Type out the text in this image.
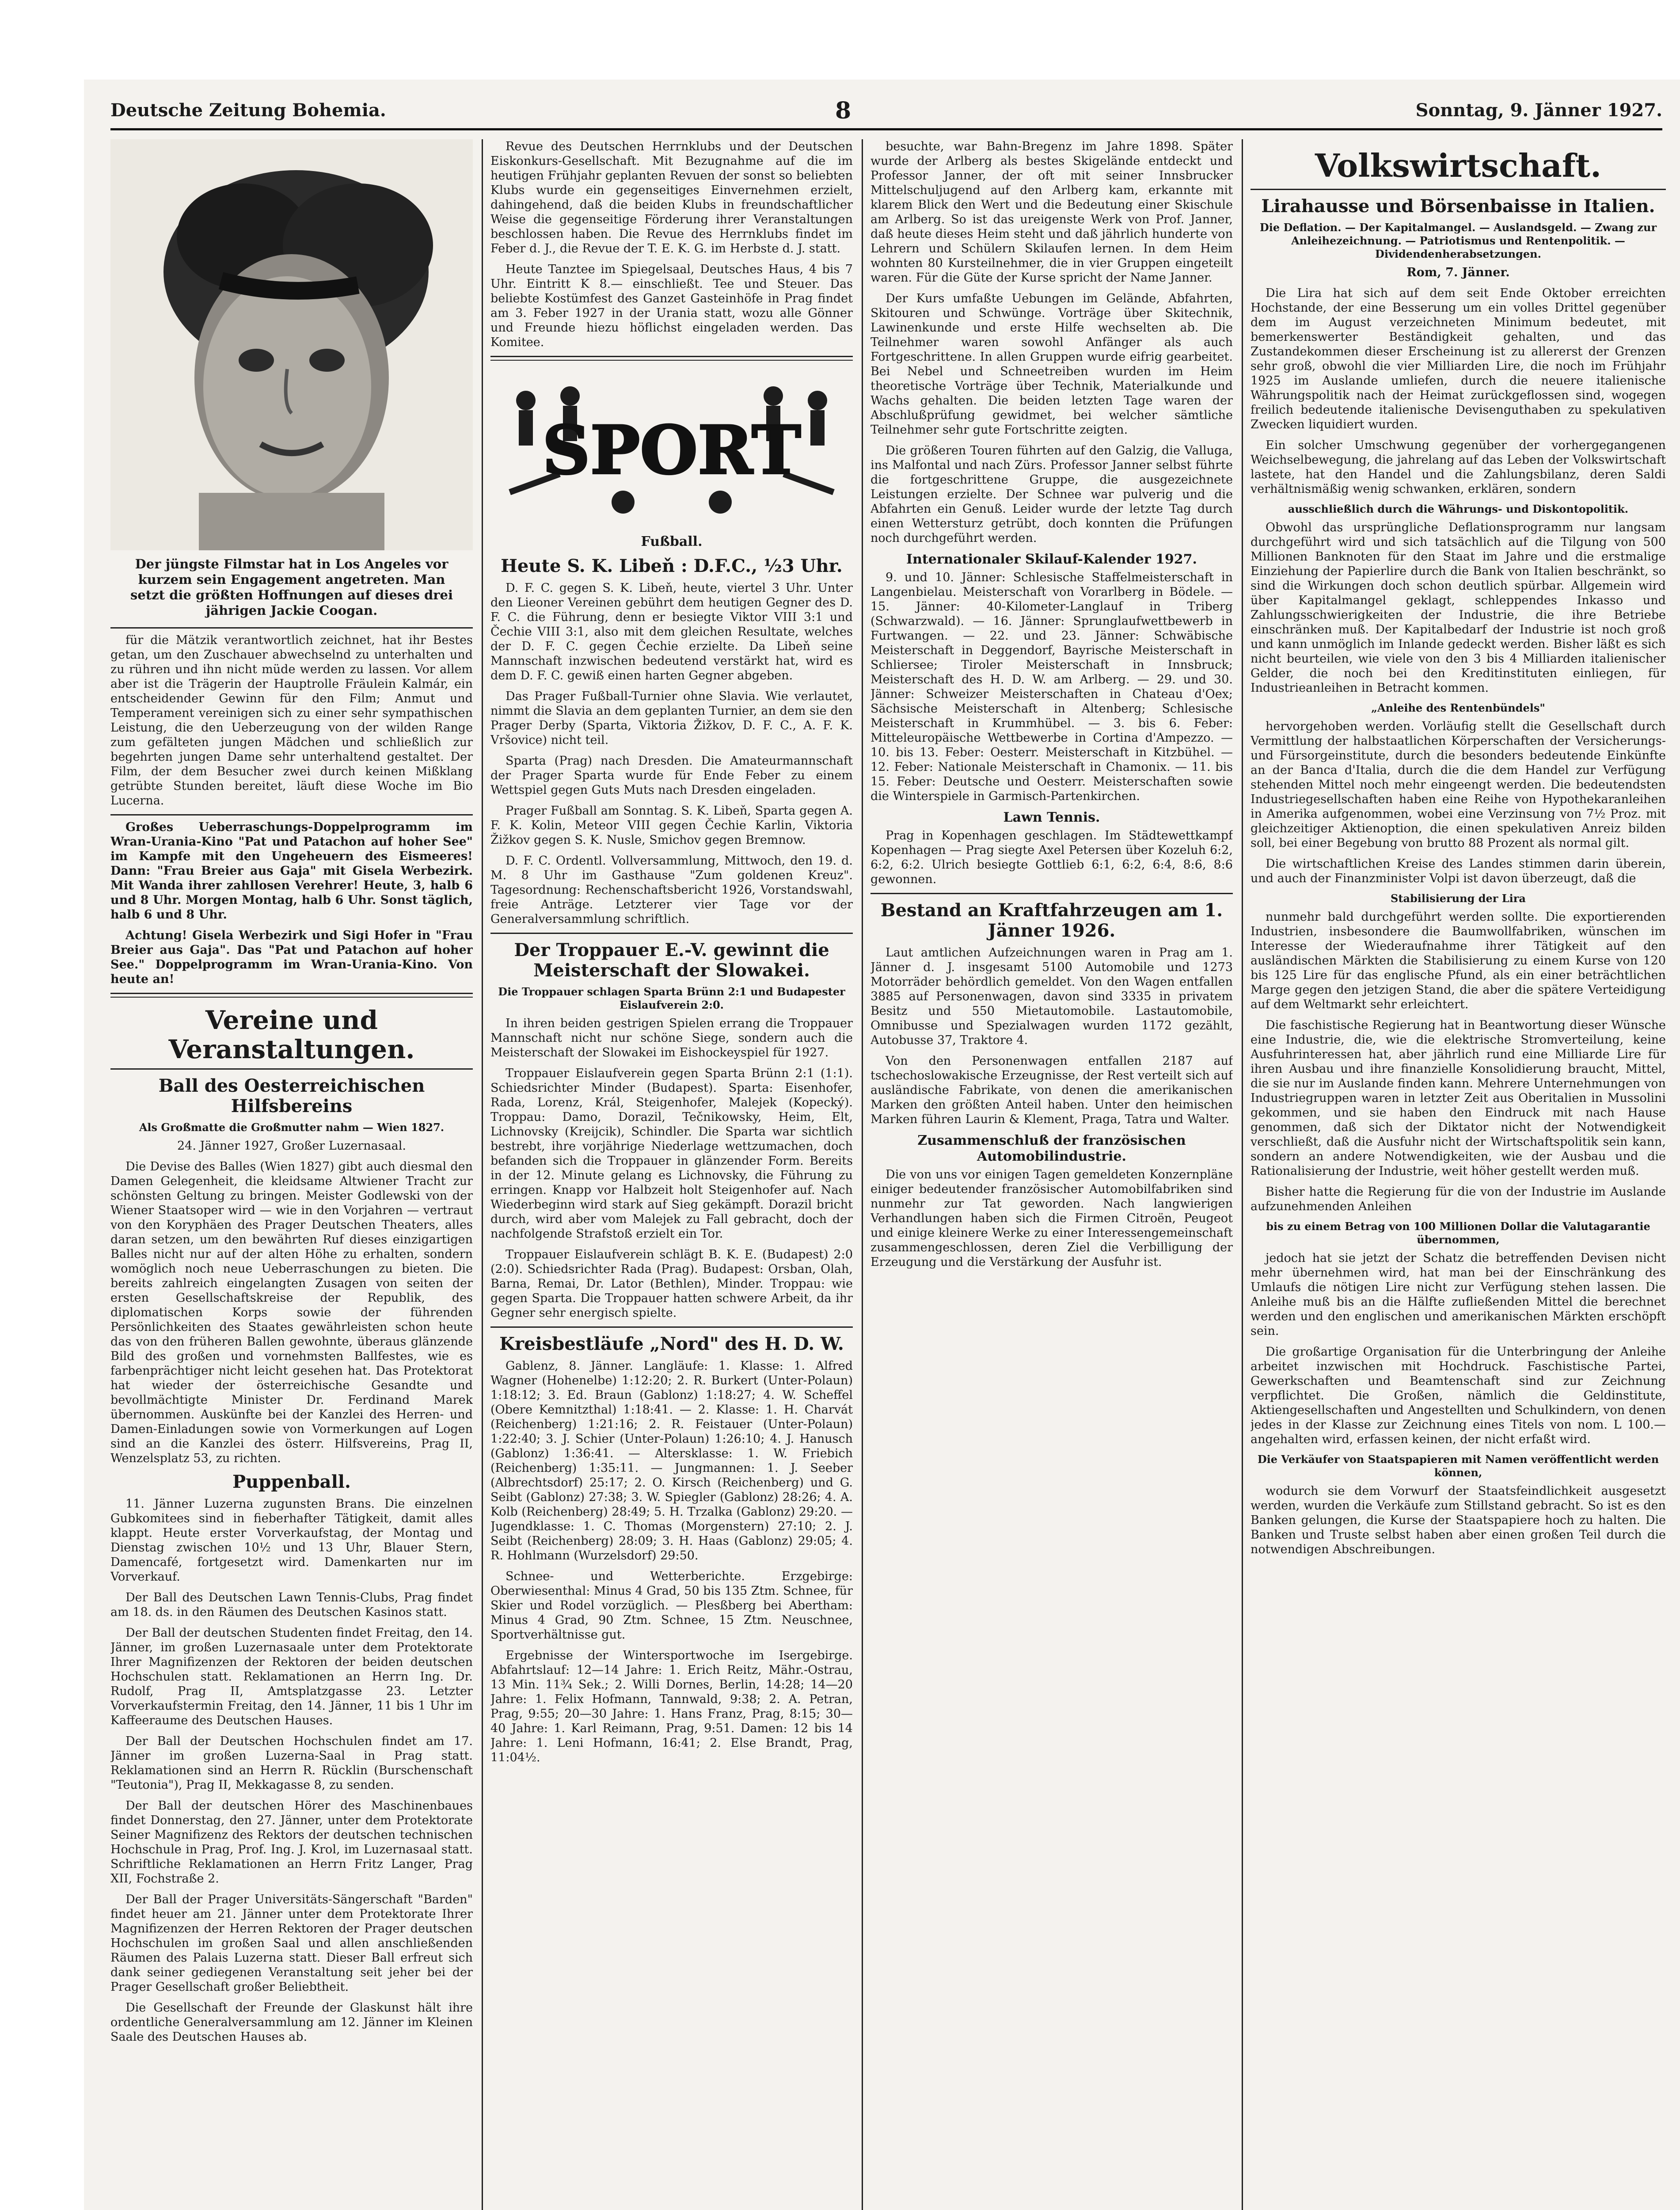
Deutsche Zeitung Bohemia.	8	Sonntag, 9. Jänner 1927.
Der jüngste Filmstar hat in Los Angeles vor kurzem sein Engagement angetreten. Man setzt die größten Hoffnungen auf dieses drei jährigen Jackie Coogan.

für die Mätzik verantwortlich zeichnet, hat ihr Bestes getan, um den Zuschauer abwechselnd zu unterhalten und zu rühren und ihn nicht müde werden zu lassen. Vor allem aber ist die Trägerin der Hauptrolle Fräulein Kalmár, ein entscheidender Gewinn für den Film; Anmut und Temperament vereinigen sich zu einer sehr sympathischen Leistung, die den Ueberzeugung von der wilden Range zum gefälteten jungen Mädchen und schließlich zur begehrten jungen Dame sehr unterhaltend gestaltet. Der Film, der dem Besucher zwei durch keinen Mißklang getrübte Stunden bereitet, läuft diese Woche im Bio Lucerna.

Großes Ueberraschungs-Doppelprogramm im Wran-Urania-Kino "Pat und Patachon auf hoher See" im Kampfe mit den Ungeheuern des Eismeeres! Dann: "Frau Breier aus Gaja" mit Gisela Werbezirk. Mit Wanda ihrer zahllosen Verehrer! Heute, 3, halb 6 und 8 Uhr. Morgen Montag, halb 6 Uhr. Sonst täglich, halb 6 und 8 Uhr.

Achtung! Gisela Werbezirk und Sigi Hofer in "Frau Breier aus Gaja". Das "Pat und Patachon auf hoher See." Doppelprogramm im Wran-Urania-Kino. Von heute an!

Vereine und Veranstaltungen.
Ball des Oesterreichischen Hilfsbereins
Als Großmatte die Großmutter nahm — Wien 1827.

24. Jänner 1927, Großer Luzernasaal.

Die Devise des Balles (Wien 1827) gibt auch diesmal den Damen Gelegenheit, die kleidsame Altwiener Tracht zur schönsten Geltung zu bringen. Meister Godlewski von der Wiener Staatsoper wird — wie in den Vorjahren — vertraut von den Koryphäen des Prager Deutschen Theaters, alles daran setzen, um den bewährten Ruf dieses einzigartigen Balles nicht nur auf der alten Höhe zu erhalten, sondern womöglich noch neue Ueberraschungen zu bieten. Die bereits zahlreich eingelangten Zusagen von seiten der ersten Gesellschaftskreise der Republik, des diplomatischen Korps sowie der führenden Persönlichkeiten des Staates gewährleisten schon heute das von den früheren Ballen gewohnte, überaus glänzende Bild des großen und vornehmsten Ballfestes, wie es farbenprächtiger nicht leicht gesehen hat. Das Protektorat hat wieder der österreichische Gesandte und bevollmächtigte Minister Dr. Ferdinand Marek übernommen. Auskünfte bei der Kanzlei des Herren- und Damen-Einladungen sowie von Vormerkungen auf Logen sind an die Kanzlei des österr. Hilfsvereins, Prag II, Wenzelsplatz 53, zu richten.

Puppenball.

11. Jänner Luzerna zugunsten Brans. Die einzelnen Gubkomitees sind in fieberhafter Tätigkeit, damit alles klappt. Heute erster Vorverkaufstag, der Montag und Dienstag zwischen 10½ und 13 Uhr, Blauer Stern, Damencafé, fortgesetzt wird. Damenkarten nur im Vorverkauf.

Der Ball des Deutschen Lawn Tennis-Clubs, Prag findet am 18. ds. in den Räumen des Deutschen Kasinos statt.

Der Ball der deutschen Studenten findet Freitag, den 14. Jänner, im großen Luzernasaale unter dem Protektorate Ihrer Magnifizenzen der Rektoren der beiden deutschen Hochschulen statt. Reklamationen an Herrn Ing. Dr. Rudolf, Prag II, Amtsplatzgasse 23. Letzter Vorverkaufstermin Freitag, den 14. Jänner, 11 bis 1 Uhr im Kaffeeraume des Deutschen Hauses.

Der Ball der Deutschen Hochschulen findet am 17. Jänner im großen Luzerna-Saal in Prag statt. Reklamationen sind an Herrn R. Rücklin (Burschenschaft "Teutonia"), Prag II, Mekkagasse 8, zu senden.

Der Ball der deutschen Hörer des Maschinenbaues findet Donnerstag, den 27. Jänner, unter dem Protektorate Seiner Magnifizenz des Rektors der deutschen technischen Hochschule in Prag, Prof. Ing. J. Krol, im Luzernasaal statt. Schriftliche Reklamationen an Herrn Fritz Langer, Prag XII, Fochstraße 2.

Der Ball der Prager Universitäts-Sängerschaft "Barden" findet heuer am 21. Jänner unter dem Protektorate Ihrer Magnifizenzen der Herren Rektoren der Prager deutschen Hochschulen im großen Saal und allen anschließenden Räumen des Palais Luzerna statt. Dieser Ball erfreut sich dank seiner gediegenen Veranstaltung seit jeher bei der Prager Gesellschaft großer Beliebtheit.

Die Gesellschaft der Freunde der Glaskunst hält ihre ordentliche Generalversammlung am 12. Jänner im Kleinen Saale des Deutschen Hauses ab.

Revue des Deutschen Herrnklubs und der Deutschen Eiskonkurs-Gesellschaft. Mit Bezugnahme auf die im heutigen Frühjahr geplanten Revuen der sonst so beliebten Klubs wurde ein gegenseitiges Einvernehmen erzielt, dahingehend, daß die beiden Klubs in freundschaftlicher Weise die gegenseitige Förderung ihrer Veranstaltungen beschlossen haben. Die Revue des Herrnklubs findet im Feber d. J., die Revue der T. E. K. G. im Herbste d. J. statt.

Heute Tanztee im Spiegelsaal, Deutsches Haus, 4 bis 7 Uhr. Eintritt K 8.— einschließt. Tee und Steuer. Das beliebte Kostümfest des Ganzet Gasteinhöfe in Prag findet am 3. Feber 1927 in der Urania statt, wozu alle Gönner und Freunde hiezu höflichst eingeladen werden. Das Komitee.

SPORT
Fußball.
Heute S. K. Libeň : D.F.C., ½3 Uhr.

D. F. C. gegen S. K. Libeň, heute, viertel 3 Uhr. Unter den Lieoner Vereinen gebührt dem heutigen Gegner des D. F. C. die Führung, denn er besiegte Viktor VIII 3:1 und Čechie VIII 3:1, also mit dem gleichen Resultate, welches der D. F. C. gegen Čechie erzielte. Da Libeň seine Mannschaft inzwischen bedeutend verstärkt hat, wird es dem D. F. C. gewiß einen harten Gegner abgeben.

Das Prager Fußball-Turnier ohne Slavia. Wie verlautet, nimmt die Slavia an dem geplanten Turnier, an dem sie den Prager Derby (Sparta, Viktoria Žižkov, D. F. C., A. F. K. Vršovice) nicht teil.

Sparta (Prag) nach Dresden. Die Amateurmannschaft der Prager Sparta wurde für Ende Feber zu einem Wettspiel gegen Guts Muts nach Dresden eingeladen.

Prager Fußball am Sonntag. S. K. Libeň, Sparta gegen A. F. K. Kolin, Meteor VIII gegen Čechie Karlin, Viktoria Žižkov gegen S. K. Nusle, Smichov gegen Bremnow.

D. F. C. Ordentl. Vollversammlung, Mittwoch, den 19. d. M. 8 Uhr im Gasthause "Zum goldenen Kreuz". Tagesordnung: Rechenschaftsbericht 1926, Vorstandswahl, freie Anträge. Letzterer vier Tage vor der Generalversammlung schriftlich.

Der Troppauer E.-V. gewinnt die Meisterschaft der Slowakei.
Die Troppauer schlagen Sparta Brünn 2:1 und Budapester Eislaufverein 2:0.

In ihren beiden gestrigen Spielen errang die Troppauer Mannschaft nicht nur schöne Siege, sondern auch die Meisterschaft der Slowakei im Eishockeyspiel für 1927.

Troppauer Eislaufverein gegen Sparta Brünn 2:1 (1:1). Schiedsrichter Minder (Budapest). Sparta: Eisenhofer, Rada, Lorenz, Král, Steigenhofer, Malejek (Kopecký). Troppau: Damo, Dorazil, Tečnikowsky, Heim, Elt, Lichnovsky (Kreijcik), Schindler. Die Sparta war sichtlich bestrebt, ihre vorjährige Niederlage wettzumachen, doch befanden sich die Troppauer in glänzender Form. Bereits in der 12. Minute gelang es Lichnovsky, die Führung zu erringen. Knapp vor Halbzeit holt Steigenhofer auf. Nach Wiederbeginn wird stark auf Sieg gekämpft. Dorazil bricht durch, wird aber vom Malejek zu Fall gebracht, doch der nachfolgende Strafstoß erzielt ein Tor.

Troppauer Eislaufverein schlägt B. K. E. (Budapest) 2:0 (2:0). Schiedsrichter Rada (Prag). Budapest: Orsban, Olah, Barna, Remai, Dr. Lator (Bethlen), Minder. Troppau: wie gegen Sparta. Die Troppauer hatten schwere Arbeit, da ihr Gegner sehr energisch spielte.

Kreisbestläufe „Nord" des H. D. W.

Gablenz, 8. Jänner. Langläufe: 1. Klasse: 1. Alfred Wagner (Hohenelbe) 1:12:20; 2. R. Burkert (Unter-Polaun) 1:18:12; 3. Ed. Braun (Gablonz) 1:18:27; 4. W. Scheffel (Obere Kemnitzthal) 1:18:41. — 2. Klasse: 1. H. Charvát (Reichenberg) 1:21:16; 2. R. Feistauer (Unter-Polaun) 1:22:40; 3. J. Schier (Unter-Polaun) 1:26:10; 4. J. Hanusch (Gablonz) 1:36:41. — Altersklasse: 1. W. Friebich (Reichenberg) 1:35:11. — Jungmannen: 1. J. Seeber (Albrechtsdorf) 25:17; 2. O. Kirsch (Reichenberg) und G. Seibt (Gablonz) 27:38; 3. W. Spiegler (Gablonz) 28:26; 4. A. Kolb (Reichenberg) 28:49; 5. H. Trzalka (Gablonz) 29:20. — Jugendklasse: 1. C. Thomas (Morgenstern) 27:10; 2. J. Seibt (Reichenberg) 28:09; 3. H. Haas (Gablonz) 29:05; 4. R. Hohlmann (Wurzelsdorf) 29:50.

Schnee- und Wetterberichte. Erzgebirge: Oberwiesenthal: Minus 4 Grad, 50 bis 135 Ztm. Schnee, für Skier und Rodel vorzüglich. — Plesßberg bei Abertham: Minus 4 Grad, 90 Ztm. Schnee, 15 Ztm. Neuschnee, Sportverhältnisse gut.

Ergebnisse der Wintersportwoche im Isergebirge. Abfahrtslauf: 12—14 Jahre: 1. Erich Reitz, Mähr.-Ostrau, 13 Min. 11¾ Sek.; 2. Willi Dornes, Berlin, 14:28; 14—20 Jahre: 1. Felix Hofmann, Tannwald, 9:38; 2. A. Petran, Prag, 9:55; 20—30 Jahre: 1. Hans Franz, Prag, 8:15; 30—40 Jahre: 1. Karl Reimann, Prag, 9:51. Damen: 12 bis 14 Jahre: 1. Leni Hofmann, 16:41; 2. Else Brandt, Prag, 11:04½.

besuchte, war Bahn-Bregenz im Jahre 1898. Später wurde der Arlberg als bestes Skigelände entdeckt und Professor Janner, der oft mit seiner Innsbrucker Mittelschuljugend auf den Arlberg kam, erkannte mit klarem Blick den Wert und die Bedeutung einer Skischule am Arlberg. So ist das ureigenste Werk von Prof. Janner, daß heute dieses Heim steht und daß jährlich hunderte von Lehrern und Schülern Skilaufen lernen. In dem Heim wohnten 80 Kursteilnehmer, die in vier Gruppen eingeteilt waren. Für die Güte der Kurse spricht der Name Janner.

Der Kurs umfaßte Uebungen im Gelände, Abfahrten, Skitouren und Schwünge. Vorträge über Skitechnik, Lawinenkunde und erste Hilfe wechselten ab. Die Teilnehmer waren sowohl Anfänger als auch Fortgeschrittene. In allen Gruppen wurde eifrig gearbeitet. Bei Nebel und Schneetreiben wurden im Heim theoretische Vorträge über Technik, Materialkunde und Wachs gehalten. Die beiden letzten Tage waren der Abschlußprüfung gewidmet, bei welcher sämtliche Teilnehmer sehr gute Fortschritte zeigten.

Die größeren Touren führten auf den Galzig, die Valluga, ins Malfontal und nach Zürs. Professor Janner selbst führte die fortgeschrittene Gruppe, die ausgezeichnete Leistungen erzielte. Der Schnee war pulverig und die Abfahrten ein Genuß. Leider wurde der letzte Tag durch einen Wettersturz getrübt, doch konnten die Prüfungen noch durchgeführt werden.

Internationaler Skilauf-Kalender 1927.

9. und 10. Jänner: Schlesische Staffelmeisterschaft in Langenbielau. Meisterschaft von Vorarlberg in Bödele. — 15. Jänner: 40-Kilometer-Langlauf in Triberg (Schwarzwald). — 16. Jänner: Sprunglaufwettbewerb in Furtwangen. — 22. und 23. Jänner: Schwäbische Meisterschaft in Deggendorf, Bayrische Meisterschaft in Schliersee; Tiroler Meisterschaft in Innsbruck; Meisterschaft des H. D. W. am Arlberg. — 29. und 30. Jänner: Schweizer Meisterschaften in Chateau d'Oex; Sächsische Meisterschaft in Altenberg; Schlesische Meisterschaft in Krummhübel. — 3. bis 6. Feber: Mitteleuropäische Wettbewerbe in Cortina d'Ampezzo. — 10. bis 13. Feber: Oesterr. Meisterschaft in Kitzbühel. — 12. Feber: Nationale Meisterschaft in Chamonix. — 11. bis 15. Feber: Deutsche und Oesterr. Meisterschaften sowie die Winterspiele in Garmisch-Partenkirchen.

Lawn Tennis.

Prag in Kopenhagen geschlagen. Im Städtewettkampf Kopenhagen — Prag siegte Axel Petersen über Kozeluh 6:2, 6:2, 6:2. Ulrich besiegte Gottlieb 6:1, 6:2, 6:4, 8:6, 8:6 gewonnen.

Bestand an Kraftfahrzeugen am 1. Jänner 1926.

Laut amtlichen Aufzeichnungen waren in Prag am 1. Jänner d. J. insgesamt 5100 Automobile und 1273 Motorräder behördlich gemeldet. Von den Wagen entfallen 3885 auf Personenwagen, davon sind 3335 in privatem Besitz und 550 Mietautomobile. Lastautomobile, Omnibusse und Spezialwagen wurden 1172 gezählt, Autobusse 37, Traktore 4.

Von den Personenwagen entfallen 2187 auf tschechoslowakische Erzeugnisse, der Rest verteilt sich auf ausländische Fabrikate, von denen die amerikanischen Marken den größten Anteil haben. Unter den heimischen Marken führen Laurin & Klement, Praga, Tatra und Walter.

Zusammenschluß der französischen Automobilindustrie.

Die von uns vor einigen Tagen gemeldeten Konzernpläne einiger bedeutender französischer Automobilfabriken sind nunmehr zur Tat geworden. Nach langwierigen Verhandlungen haben sich die Firmen Citroën, Peugeot und einige kleinere Werke zu einer Interessengemeinschaft zusammengeschlossen, deren Ziel die Verbilligung der Erzeugung und die Verstärkung der Ausfuhr ist.

Volkswirtschaft.
Lirahausse und Börsenbaisse in Italien.
Die Deflation. — Der Kapitalmangel. — Auslandsgeld. — Zwang zur Anleihezeichnung. — Patriotismus und Rentenpolitik. — Dividendenherabsetzungen.

Rom, 7. Jänner.

Die Lira hat sich auf dem seit Ende Oktober erreichten Hochstande, der eine Besserung um ein volles Drittel gegenüber dem im August verzeichneten Minimum bedeutet, mit bemerkenswerter Beständigkeit gehalten, und das Zustandekommen dieser Erscheinung ist zu allererst der Grenzen sehr groß, obwohl die vier Milliarden Lire, die noch im Frühjahr 1925 im Auslande umliefen, durch die neuere italienische Währungspolitik nach der Heimat zurückgeflossen sind, wogegen freilich bedeutende italienische Devisenguthaben zu spekulativen Zwecken liquidiert wurden.

Ein solcher Umschwung gegenüber der vorhergegangenen Weichselbewegung, die jahrelang auf das Leben der Volkswirtschaft lastete, hat den Handel und die Zahlungsbilanz, deren Saldi verhältnismäßig wenig schwanken, erklären, sondern

ausschließlich durch die Währungs- und Diskontopolitik.

Obwohl das ursprüngliche Deflationsprogramm nur langsam durchgeführt wird und sich tatsächlich auf die Tilgung von 500 Millionen Banknoten für den Staat im Jahre und die erstmalige Einziehung der Papierlire durch die Bank von Italien beschränkt, so sind die Wirkungen doch schon deutlich spürbar. Allgemein wird über Kapitalmangel geklagt, schleppendes Inkasso und Zahlungsschwierigkeiten der Industrie, die ihre Betriebe einschränken muß. Der Kapitalbedarf der Industrie ist noch groß und kann unmöglich im Inlande gedeckt werden. Bisher läßt es sich nicht beurteilen, wie viele von den 3 bis 4 Milliarden italienischer Gelder, die noch bei den Kreditinstituten einliegen, für Industrieanleihen in Betracht kommen.

„Anleihe des Rentenbündels"

hervorgehoben werden. Vorläufig stellt die Gesellschaft durch Vermittlung der halbstaatlichen Körperschaften der Versicherungs- und Fürsorgeinstitute, durch die besonders bedeutende Einkünfte an der Banca d'Italia, durch die die dem Handel zur Verfügung stehenden Mittel noch mehr eingeengt werden. Die bedeutendsten Industriegesellschaften haben eine Reihe von Hypothekaranleihen in Amerika aufgenommen, wobei eine Verzinsung von 7½ Proz. mit gleichzeitiger Aktienoption, die einen spekulativen Anreiz bilden soll, bei einer Begebung von brutto 88 Prozent als normal gilt.

Die wirtschaftlichen Kreise des Landes stimmen darin überein, und auch der Finanzminister Volpi ist davon überzeugt, daß die

Stabilisierung der Lira

nunmehr bald durchgeführt werden sollte. Die exportierenden Industrien, insbesondere die Baumwollfabriken, wünschen im Interesse der Wiederaufnahme ihrer Tätigkeit auf den ausländischen Märkten die Stabilisierung zu einem Kurse von 120 bis 125 Lire für das englische Pfund, als ein einer beträchtlichen Marge gegen den jetzigen Stand, die aber die spätere Verteidigung auf dem Weltmarkt sehr erleichtert.

Die faschistische Regierung hat in Beantwortung dieser Wünsche eine Industrie, die, wie die elektrische Stromverteilung, keine Ausfuhrinteressen hat, aber jährlich rund eine Milliarde Lire für ihren Ausbau und ihre finanzielle Konsolidierung braucht, Mittel, die sie nur im Auslande finden kann. Mehrere Unternehmungen von Industriegruppen waren in letzter Zeit aus Oberitalien in Mussolini gekommen, und sie haben den Eindruck mit nach Hause genommen, daß sich der Diktator nicht der Notwendigkeit verschließt, daß die Ausfuhr nicht der Wirtschaftspolitik sein kann, sondern an andere Notwendigkeiten, wie der Ausbau und die Rationalisierung der Industrie, weit höher gestellt werden muß.

Bisher hatte die Regierung für die von der Industrie im Auslande aufzunehmenden Anleihen

bis zu einem Betrag von 100 Millionen Dollar die Valutagarantie übernommen,

jedoch hat sie jetzt der Schatz die betreffenden Devisen nicht mehr übernehmen wird, hat man bei der Einschränkung des Umlaufs die nötigen Lire nicht zur Verfügung stehen lassen. Die Anleihe muß bis an die Hälfte zufließenden Mittel die berechnet werden und den englischen und amerikanischen Märkten erschöpft sein.

Die großartige Organisation für die Unterbringung der Anleihe arbeitet inzwischen mit Hochdruck. Faschistische Partei, Gewerkschaften und Beamtenschaft sind zur Zeichnung verpflichtet. Die Großen, nämlich die Geldinstitute, Aktiengesellschaften und Angestellten und Schulkindern, von denen jedes in der Klasse zur Zeichnung eines Titels von nom. L 100.— angehalten wird, erfassen keinen, der nicht erfaßt wird.

Die Verkäufer von Staatspapieren mit Namen veröffentlicht werden können,

wodurch sie dem Vorwurf der Staatsfeindlichkeit ausgesetzt werden, wurden die Verkäufe zum Stillstand gebracht. So ist es den Banken gelungen, die Kurse der Staatspapiere hoch zu halten. Die Banken und Truste selbst haben aber einen großen Teil durch die notwendigen Abschreibungen.
